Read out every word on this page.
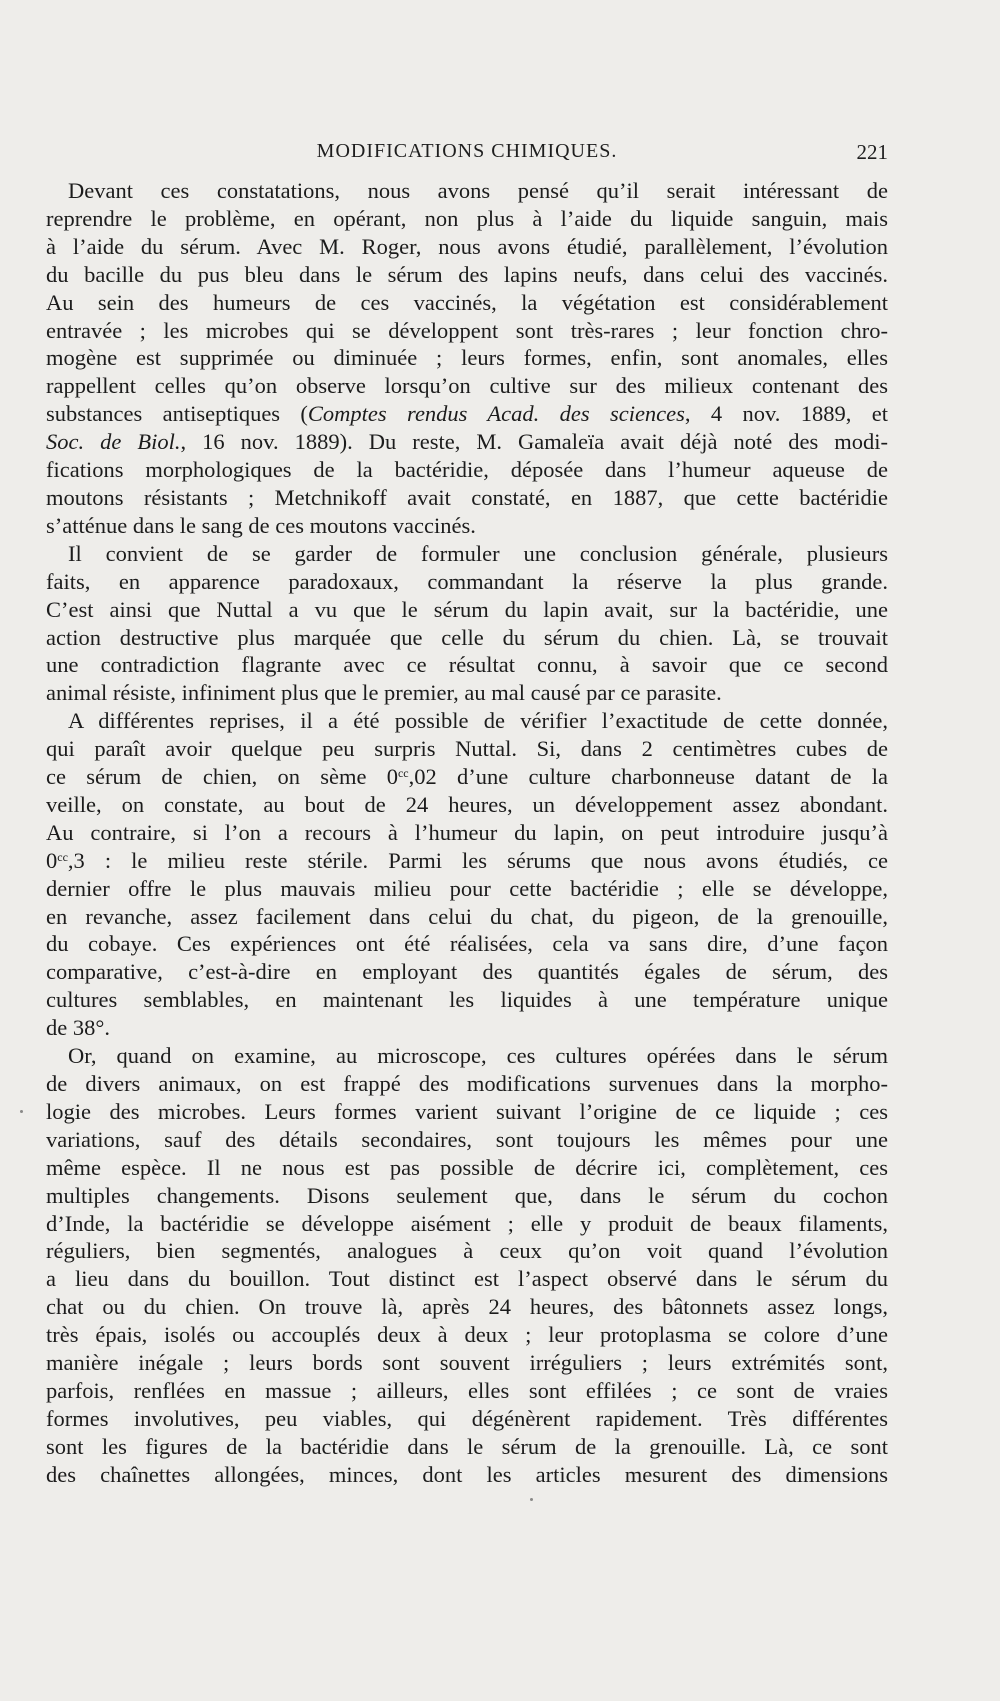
MODIFICATIONS CHIMIQUES.	221

Devant ces constatations, nous avons pensé qu’il serait intéressant de
reprendre le problème, en opérant, non plus à l’aide du liquide sanguin, mais
à l’aide du sérum. Avec M. Roger, nous avons étudié, parallèlement, l’évolution
du bacille du pus bleu dans le sérum des lapins neufs, dans celui des vaccinés.
Au sein des humeurs de ces vaccinés, la végétation est considérablement
entravée ; les microbes qui se développent sont très-rares ; leur fonction chro-
mogène est supprimée ou diminuée ; leurs formes, enfin, sont anomales, elles
rappellent celles qu’on observe lorsqu’on cultive sur des milieux contenant des
substances antiseptiques (Comptes rendus Acad. des sciences, 4 nov. 1889, et
Soc. de Biol., 16 nov. 1889). Du reste, M. Gamaleïa avait déjà noté des modi-
fications morphologiques de la bactéridie, déposée dans l’humeur aqueuse de
moutons résistants ; Metchnikoff avait constaté, en 1887, que cette bactéridie
s’atténue dans le sang de ces moutons vaccinés.

Il convient de se garder de formuler une conclusion générale, plusieurs
faits, en apparence paradoxaux, commandant la réserve la plus grande.
C’est ainsi que Nuttal a vu que le sérum du lapin avait, sur la bactéridie, une
action destructive plus marquée que celle du sérum du chien. Là, se trouvait
une contradiction flagrante avec ce résultat connu, à savoir que ce second
animal résiste, infiniment plus que le premier, au mal causé par ce parasite.

A différentes reprises, il a été possible de vérifier l’exactitude de cette donnée,
qui paraît avoir quelque peu surpris Nuttal. Si, dans 2 centimètres cubes de
ce sérum de chien, on sème $0^{cc},02$ d’une culture charbonneuse datant de la
veille, on constate, au bout de 24 heures, un développement assez abondant.
Au contraire, si l’on a recours à l’humeur du lapin, on peut introduire jusqu’à
$0^{cc},3$ : le milieu reste stérile. Parmi les sérums que nous avons étudiés, ce
dernier offre le plus mauvais milieu pour cette bactéridie ; elle se développe,
en revanche, assez facilement dans celui du chat, du pigeon, de la grenouille,
du cobaye. Ces expériences ont été réalisées, cela va sans dire, d’une façon
comparative, c’est-à-dire en employant des quantités égales de sérum, des
cultures semblables, en maintenant les liquides à une température unique
de 38°.

Or, quand on examine, au microscope, ces cultures opérées dans le sérum
de divers animaux, on est frappé des modifications survenues dans la morpho-
logie des microbes. Leurs formes varient suivant l’origine de ce liquide ; ces
variations, sauf des détails secondaires, sont toujours les mêmes pour une
même espèce. Il ne nous est pas possible de décrire ici, complètement, ces
multiples changements. Disons seulement que, dans le sérum du cochon
d’Inde, la bactéridie se développe aisément ; elle y produit de beaux filaments,
réguliers, bien segmentés, analogues à ceux qu’on voit quand l’évolution
a lieu dans du bouillon. Tout distinct est l’aspect observé dans le sérum du
chat ou du chien. On trouve là, après 24 heures, des bâtonnets assez longs,
très épais, isolés ou accouplés deux à deux ; leur protoplasma se colore d’une
manière inégale ; leurs bords sont souvent irréguliers ; leurs extrémités sont,
parfois, renflées en massue ; ailleurs, elles sont effilées ; ce sont de vraies
formes involutives, peu viables, qui dégénèrent rapidement. Très différentes
sont les figures de la bactéridie dans le sérum de la grenouille. Là, ce sont
des chaînettes allongées, minces, dont les articles mesurent des dimensions
